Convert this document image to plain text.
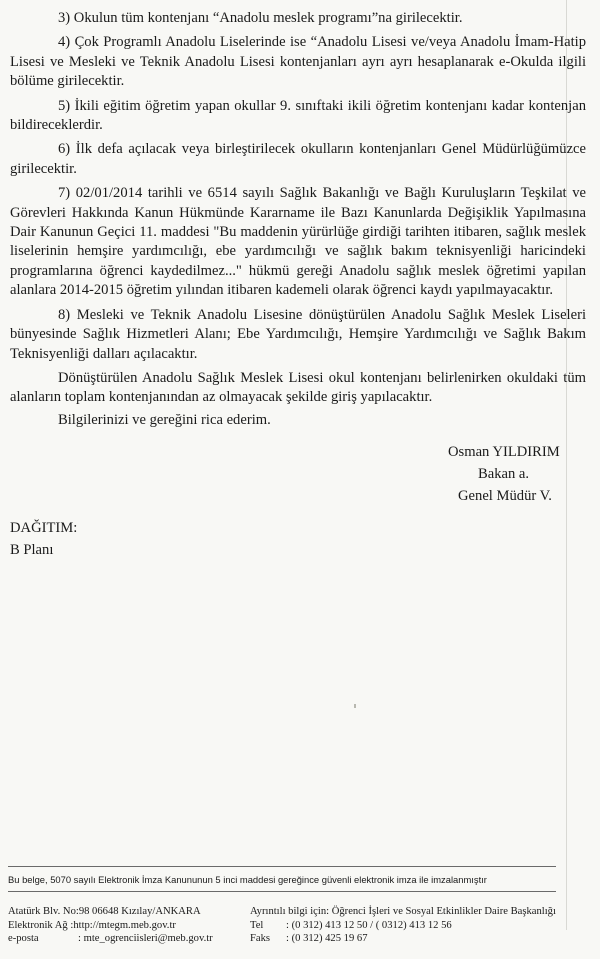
3) Okulun tüm kontenjanı “Anadolu meslek programı”na girilecektir.

4) Çok Programlı Anadolu Liselerinde ise “Anadolu Lisesi ve/veya Anadolu İmam-Hatip Lisesi ve Mesleki ve Teknik Anadolu Lisesi kontenjanları ayrı ayrı hesaplanarak e-Okulda ilgili bölüme girilecektir.

5) İkili eğitim öğretim yapan okullar 9. sınıftaki ikili öğretim kontenjanı kadar kontenjan bildireceklerdir.

6) İlk defa açılacak veya birleştirilecek okulların kontenjanları Genel Müdürlüğümüzce girilecektir.

7) 02/01/2014 tarihli ve 6514 sayılı Sağlık Bakanlığı ve Bağlı Kuruluşların Teşkilat ve Görevleri Hakkında Kanun Hükmünde Kararname ile Bazı Kanunlarda Değişiklik Yapılmasına Dair Kanunun Geçici 11. maddesi "Bu maddenin yürürlüğe girdiği tarihten itibaren, sağlık meslek liselerinin hemşire yardımcılığı, ebe yardımcılığı ve sağlık bakım teknisyenliği haricindeki programlarına öğrenci kaydedilmez..." hükmü gereği Anadolu sağlık meslek öğretimi yapılan alanlara 2014-2015 öğretim yılından itibaren kademeli olarak öğrenci kaydı yapılmayacaktır.

8) Mesleki ve Teknik Anadolu Lisesine dönüştürülen Anadolu Sağlık Meslek Liseleri bünyesinde Sağlık Hizmetleri Alanı; Ebe Yardımcılığı, Hemşire Yardımcılığı ve Sağlık Bakım Teknisyenliği dalları açılacaktır.

Dönüştürülen Anadolu Sağlık Meslek Lisesi okul kontenjanı belirlenirken okuldaki tüm alanların toplam kontenjanından az olmayacak şekilde giriş yapılacaktır.

Bilgilerinizi ve gereğini rica ederim.

Osman YILDIRIM
Bakan a.
Genel Müdür V.
DAĞITIM:
B Planı
Bu belge, 5070 sayılı Elektronik İmza Kanununun 5 inci maddesi gereğince güvenli elektronik imza ile imzalanmıştır
Atatürk Blv. No:98 06648 Kızılay/ANKARA
Elektronik Ağ :http://mtegm.meb.gov.tr
e-posta	: mte_ogrenciisleri@meb.gov.tr
Ayrıntılı bilgi için: Öğrenci İşleri ve Sosyal Etkinlikler Daire Başkanlığı
Tel : (0 312) 413 12 50 / ( 0312) 413 12 56
Faks : (0 312) 425 19 67
